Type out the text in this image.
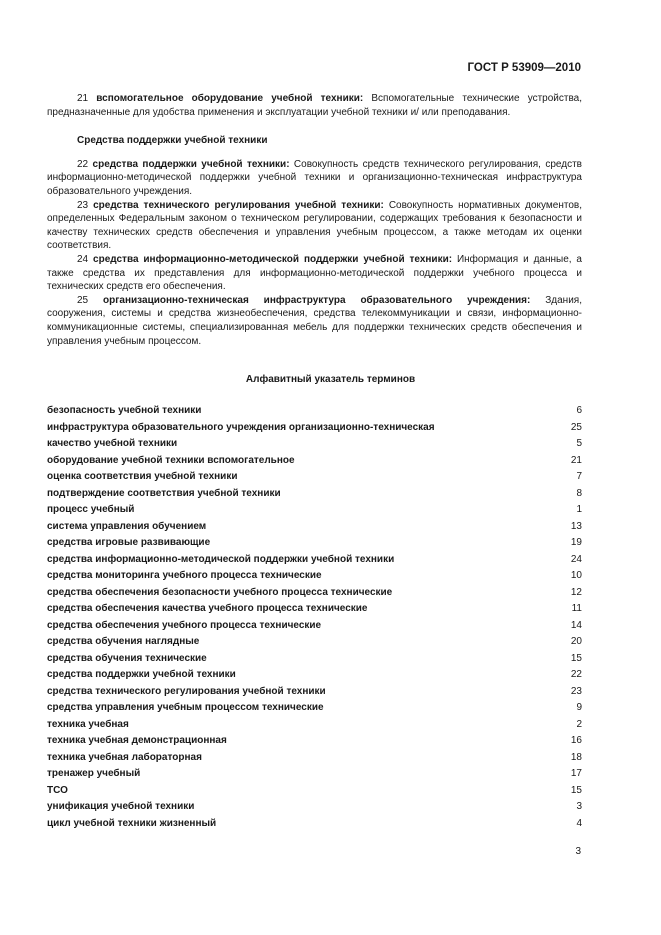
ГОСТ Р 53909—2010

21 вспомогательное оборудование учебной техники: Вспомогательные технические устройства, предназначенные для удобства применения и эксплуатации учебной техники и/ или преподавания.

Средства поддержки учебной техники

22 средства поддержки учебной техники: Совокупность средств технического регулирования, средств информационно-методической поддержки учебной техники и организационно-техническая инфраструктура образовательного учреждения.

23 средства технического регулирования учебной техники: Совокупность нормативных документов, определенных Федеральным законом о техническом регулировании, содержащих требования к безопасности и качеству технических средств обеспечения и управления учебным процессом, а также методам их оценки соответствия.

24 средства информационно-методической поддержки учебной техники: Информация и данные, а также средства их представления для информационно-методической поддержки учебного процесса и технических средств его обеспечения.

25 организационно-техническая инфраструктура образовательного учреждения: Здания, сооружения, системы и средства жизнеобеспечения, средства телекоммуникации и связи, информационно-коммуникационные системы, специализированная мебель для поддержки технических средств обеспечения и управления учебным процессом.

Алфавитный указатель терминов
безопасность учебной техники	6
инфраструктура образовательного учреждения организационно-техническая	25
качество учебной техники	5
оборудование учебной техники вспомогательное	21
оценка соответствия учебной техники	7
подтверждение соответствия учебной техники	8
процесс учебный	1
система управления обучением	13
средства игровые развивающие	19
средства информационно-методической поддержки учебной техники	24
средства мониторинга учебного процесса технические	10
средства обеспечения безопасности учебного процесса технические	12
средства обеспечения качества учебного процесса технические	11
средства обеспечения учебного процесса технические	14
средства обучения наглядные	20
средства обучения технические	15
средства поддержки учебной техники	22
средства технического регулирования учебной техники	23
средства управления учебным процессом технические	9
техника учебная	2
техника учебная демонстрационная	16
техника учебная лабораторная	18
тренажер учебный	17
ТСО	15
унификация учебной техники	3
цикл учебной техники жизненный	4
3
